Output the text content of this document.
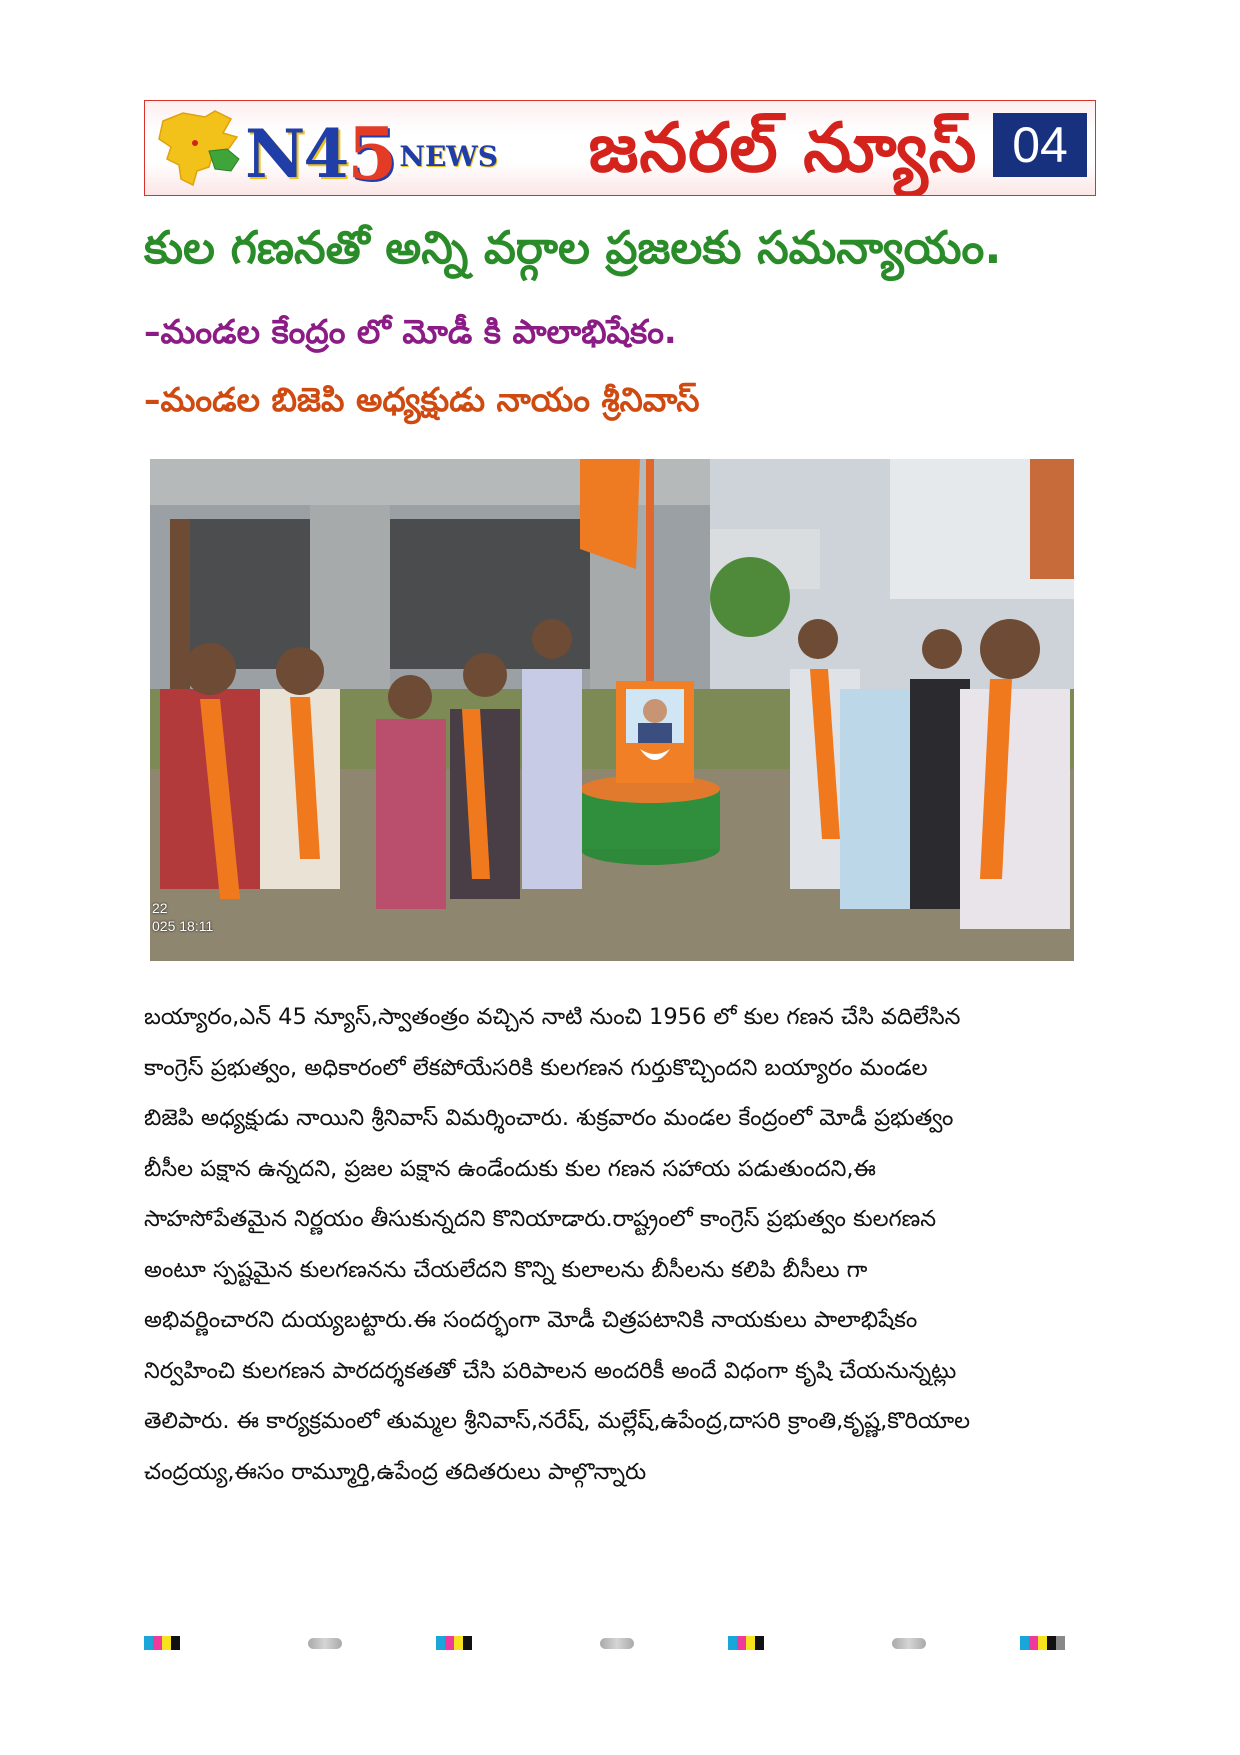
N4 5 NEWS	జనరల్ న్యూస్ 04
కుల గణనతో అన్ని వర్గాల ప్రజలకు సమన్యాయం.
–మండల కేంద్రం లో మోడీ కి పాలాభిషేకం.
–మండల బిజెపి అధ్యక్షుడు నాయం శ్రీనివాస్
22
025 18:11
బయ్యారం,ఎన్ 45 న్యూస్,స్వాతంత్రం వచ్చిన నాటి నుంచి 1956 లో కుల గణన చేసి వదిలేసిన
కాంగ్రెస్ ప్రభుత్వం, అధికారంలో లేకపోయేసరికి కులగణన గుర్తుకొచ్చిందని బయ్యారం మండల
బిజెపి అధ్యక్షుడు నాయిని శ్రీనివాస్ విమర్శించారు. శుక్రవారం మండల కేంద్రంలో మోడీ ప్రభుత్వం
బీసీల పక్షాన ఉన్నదని, ప్రజల పక్షాన ఉండేందుకు కుల గణన సహాయ పడుతుందని,ఈ
సాహసోపేతమైన నిర్ణయం తీసుకున్నదని కొనియాడారు.రాష్ట్రంలో కాంగ్రెస్ ప్రభుత్వం కులగణన
అంటూ స్పష్టమైన కులగణనను చేయలేదని కొన్ని కులాలను బీసీలను కలిపి బీసీలు గా
అభివర్ణించారని దుయ్యబట్టారు.ఈ సందర్భంగా మోడీ చిత్రపటానికి నాయకులు పాలాభిషేకం
నిర్వహించి కులగణన పారదర్శకతతో చేసి పరిపాలన అందరికీ అందే విధంగా కృషి చేయనున్నట్లు
తెలిపారు. ఈ కార్యక్రమంలో తుమ్మల శ్రీనివాస్,నరేష్, మల్లేష్,ఉపేంద్ర,దాసరి క్రాంతి,కృష్ణ,కొరియాల
చంద్రయ్య,ఈసం రామ్మూర్తి,ఉపేంద్ర తదితరులు పాల్గొన్నారు
